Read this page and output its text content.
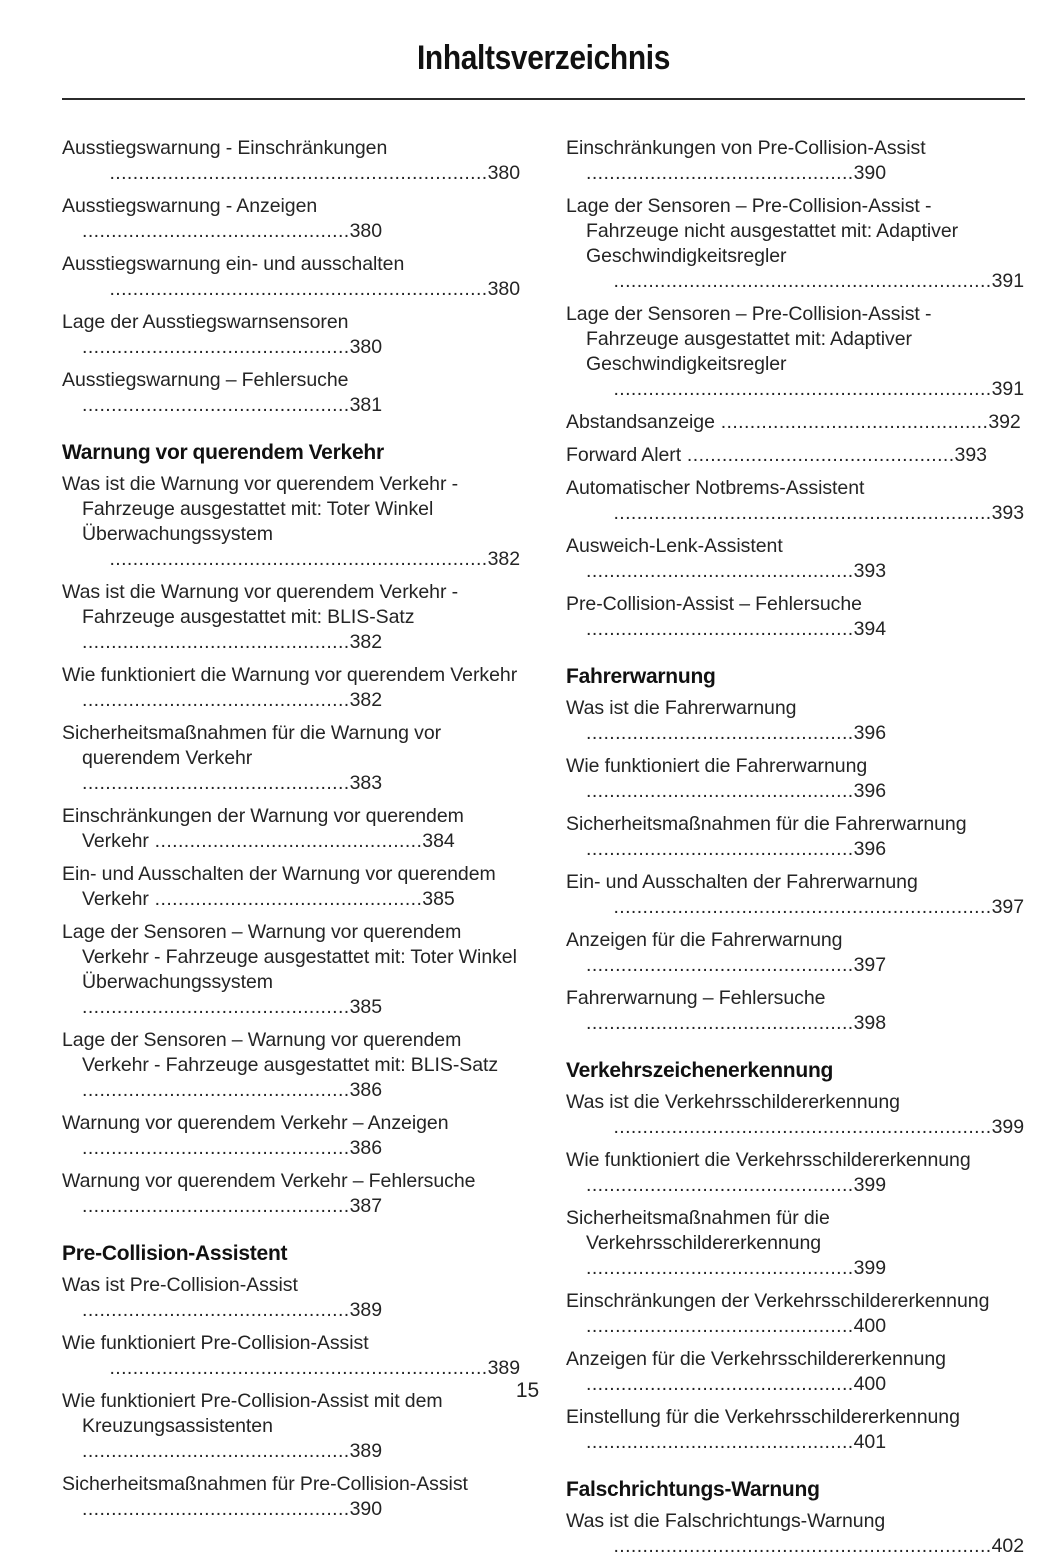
Inhaltsverzeichnis

Ausstiegswarnung - Einschränkungen
.................................................................380

Ausstiegswarnung - Anzeigen ..............................................380

Ausstiegswarnung ein- und ausschalten
.................................................................380

Lage der Ausstiegswarnsensoren ..............................................380

Ausstiegswarnung – Fehlersuche ..............................................381

Warnung vor querendem Verkehr

Was ist die Warnung vor querendem Verkehr - Fahrzeuge ausgestattet mit: Toter Winkel Überwachungssystem
.................................................................382

Was ist die Warnung vor querendem Verkehr - Fahrzeuge ausgestattet mit: BLIS-Satz ..............................................382

Wie funktioniert die Warnung vor querendem Verkehr ..............................................382

Sicherheitsmaßnahmen für die Warnung vor querendem Verkehr ..............................................383

Einschränkungen der Warnung vor querendem Verkehr ..............................................384

Ein- und Ausschalten der Warnung vor querendem Verkehr ..............................................385

Lage der Sensoren – Warnung vor querendem Verkehr - Fahrzeuge ausgestattet mit: Toter Winkel Überwachungssystem ..............................................385

Lage der Sensoren – Warnung vor querendem Verkehr - Fahrzeuge ausgestattet mit: BLIS-Satz ..............................................386

Warnung vor querendem Verkehr – Anzeigen ..............................................386

Warnung vor querendem Verkehr – Fehlersuche ..............................................387

Pre-Collision-Assistent

Was ist Pre-Collision-Assist ..............................................389

Wie funktioniert Pre-Collision-Assist
.................................................................389

Wie funktioniert Pre-Collision-Assist mit dem Kreuzungsassistenten ..............................................389

Sicherheitsmaßnahmen für Pre-Collision-Assist ..............................................390

Einschränkungen von Pre-Collision-Assist ..............................................390

Lage der Sensoren – Pre-Collision-Assist - Fahrzeuge nicht ausgestattet mit: Adaptiver Geschwindigkeitsregler
.................................................................391

Lage der Sensoren – Pre-Collision-Assist - Fahrzeuge ausgestattet mit: Adaptiver Geschwindigkeitsregler
.................................................................391

Abstandsanzeige ..............................................392

Forward Alert ..............................................393

Automatischer Notbrems-Assistent
.................................................................393

Ausweich-Lenk-Assistent ..............................................393

Pre-Collision-Assist – Fehlersuche ..............................................394

Fahrerwarnung

Was ist die Fahrerwarnung ..............................................396

Wie funktioniert die Fahrerwarnung ..............................................396

Sicherheitsmaßnahmen für die Fahrerwarnung ..............................................396

Ein- und Ausschalten der Fahrerwarnung
.................................................................397

Anzeigen für die Fahrerwarnung ..............................................397

Fahrerwarnung – Fehlersuche ..............................................398

Verkehrszeichenerkennung

Was ist die Verkehrsschildererkennung
.................................................................399

Wie funktioniert die Verkehrsschildererkennung ..............................................399

Sicherheitsmaßnahmen für die Verkehrsschildererkennung ..............................................399

Einschränkungen der Verkehrsschildererkennung ..............................................400

Anzeigen für die Verkehrsschildererkennung ..............................................400

Einstellung für die Verkehrsschildererkennung ..............................................401

Falschrichtungs-Warnung

Was ist die Falschrichtungs-Warnung
.................................................................402

15
